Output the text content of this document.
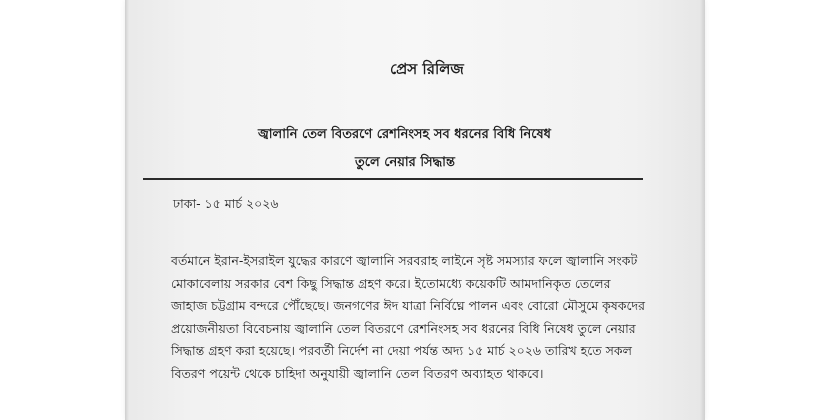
প্রেস রিলিজ
জ্বালানি তেল বিতরণে রেশনিংসহ সব ধরনের বিধি নিষেধ
তুলে নেয়ার সিদ্ধান্ত
ঢাকা- ১৫ মার্চ ২০২৬
বর্তমানে ইরান-ইসরাইল যুদ্ধের কারণে জ্বালানি সরবরাহ লাইনে সৃষ্ট সমস্যার ফলে জ্বালানি সংকট
মোকাবেলায় সরকার বেশ কিছু সিদ্ধান্ত গ্রহণ করে। ইতোমধ্যে কয়েকটি আমদানিকৃত তেলের
জাহাজ চট্টগ্রাম বন্দরে পৌঁছেছে। জনগণের ঈদ যাত্রা নির্বিঘ্নে পালন এবং বোরো মৌসুমে কৃষকদের
প্রয়োজনীয়তা বিবেচনায় জ্বালানি তেল বিতরণে রেশনিংসহ সব ধরনের বিধি নিষেধ তুলে নেয়ার
সিদ্ধান্ত গ্রহণ করা হয়েছে। পরবর্তী নির্দেশ না দেয়া পর্যন্ত অদ্য ১৫ মার্চ ২০২৬ তারিখ হতে সকল
বিতরণ পয়েন্ট থেকে চাহিদা অনুযায়ী জ্বালানি তেল বিতরণ অব্যাহত থাকবে।
